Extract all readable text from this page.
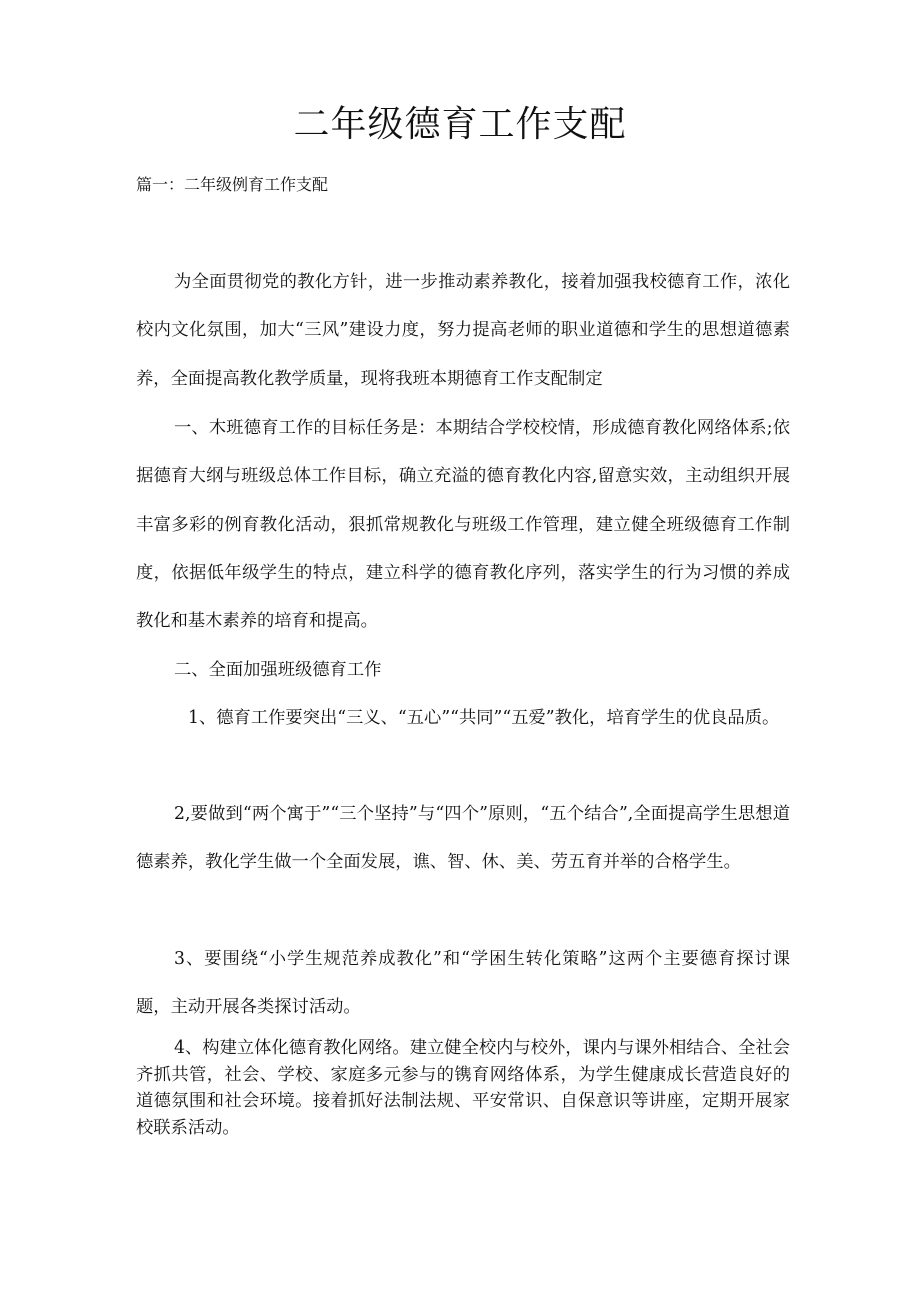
二年级德育工作支配

篇一：二年级例育工作支配

为全面贯彻党的教化方针，进一步推动素养教化，接着加强我校德育工作，浓化校内文化氛围，加大“三风”建设力度，努力提高老师的职业道德和学生的思想道德素养，全面提高教化教学质量，现将我班本期德育工作支配制定

一、木班德育工作的目标任务是：本期结合学校校情，形成德育教化网络体系;依据德育大纲与班级总体工作目标，确立充溢的德育教化内容,留意实效，主动组织开展丰富多彩的例育教化活动，狠抓常规教化与班级工作管理，建立健全班级德育工作制度，依据低年级学生的特点，建立科学的德育教化序列，落实学生的行为习惯的养成教化和基木素养的培育和提高。

二、全面加强班级德育工作

1、德育工作要突出“三义、“五心”“共同”“五爱”教化，培育学生的优良品质。

2,要做到“两个寓于”“三个坚持”与“四个”原则，“五个结合”,全面提高学生思想道德素养，教化学生做一个全面发展，谯、智、休、美、劳五育并举的合格学生。

3、要围绕“小学生规范养成教化”和“学困生转化策略”这两个主要德育探讨课题，主动开展各类探讨活动。

4、构建立体化德育教化网络。建立健全校内与校外，课内与课外相结合、全社会齐抓共管，社会、学校、家庭多元参与的镌育网络体系，为学生健康成长营造良好的道德氛围和社会环境。接着抓好法制法规、平安常识、自保意识等讲座，定期开展家校联系活动。
